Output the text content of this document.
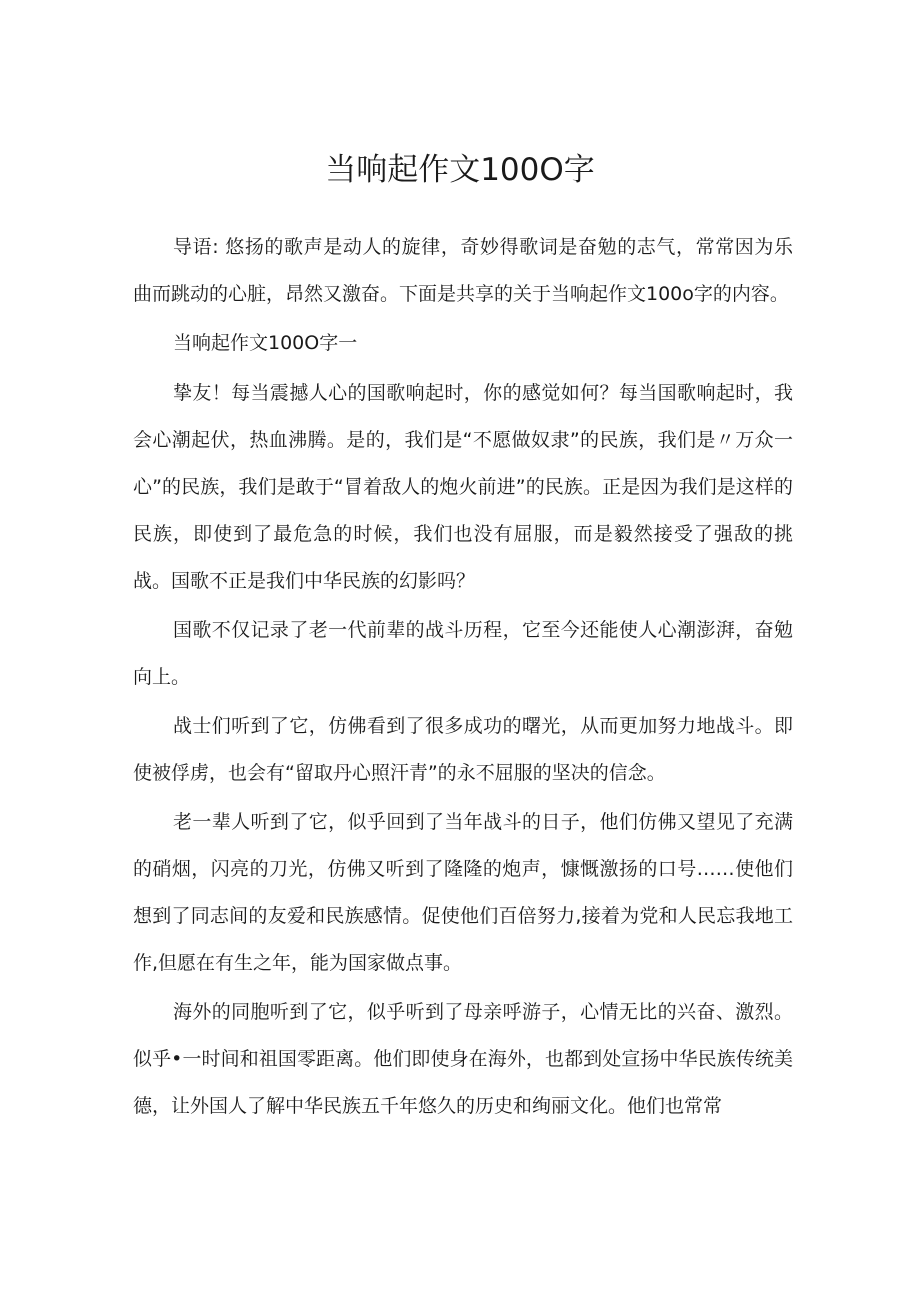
当响起作文100O字

导语: 悠扬的歌声是动人的旋律，奇妙得歌词是奋勉的志气，常常因为乐曲而跳动的心脏，昂然又激奋。下面是共享的关于当响起作文100o字的内容。

当响起作文100O字一

挚友！每当震撼人心的国歌响起时，你的感觉如何？每当国歌响起时，我会心潮起伏，热血沸腾。是的，我们是“不愿做奴隶”的民族，我们是〃万众一心”的民族，我们是敢于“冒着敌人的炮火前进”的民族。正是因为我们是这样的民族，即使到了最危急的时候，我们也没有屈服，而是毅然接受了强敌的挑战。国歌不正是我们中华民族的幻影吗？

国歌不仅记录了老一代前辈的战斗历程，它至今还能使人心潮澎湃，奋勉向上。

战士们听到了它，仿佛看到了很多成功的曙光，从而更加努力地战斗。即使被俘虏，也会有“留取丹心照汗青”的永不屈服的坚决的信念。

老一辈人听到了它，似乎回到了当年战斗的日子，他们仿佛又望见了充满的硝烟，闪亮的刀光，仿佛又听到了隆隆的炮声，慷慨激扬的口号……使他们想到了同志间的友爱和民族感情。促使他们百倍努力,接着为党和人民忘我地工作,但愿在有生之年，能为国家做点事。

海外的同胞听到了它，似乎听到了母亲呼游子，心情无比的兴奋、激烈。似乎•一时间和祖国零距离。他们即使身在海外，也都到处宣扬中华民族传统美德，让外国人了解中华民族五千年悠久的历史和绚丽文化。他们也常常
